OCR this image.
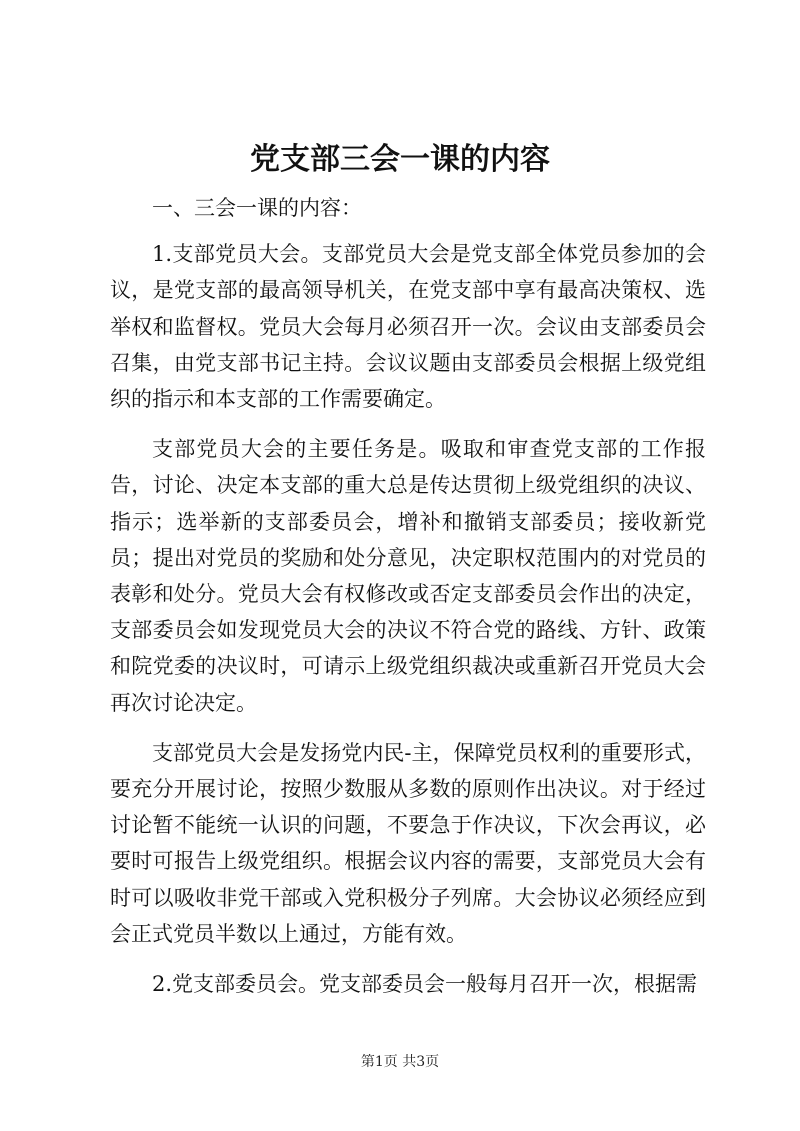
党支部三会一课的内容

一、三会一课的内容：

1.支部党员大会。支部党员大会是党支部全体党员参加的会议，是党支部的最高领导机关，在党支部中享有最高决策权、选举权和监督权。党员大会每月必须召开一次。会议由支部委员会召集，由党支部书记主持。会议议题由支部委员会根据上级党组织的指示和本支部的工作需要确定。

支部党员大会的主要任务是。吸取和审查党支部的工作报告，讨论、决定本支部的重大总是传达贯彻上级党组织的决议、指示；选举新的支部委员会，增补和撤销支部委员；接收新党员；提出对党员的奖励和处分意见，决定职权范围内的对党员的表彰和处分。党员大会有权修改或否定支部委员会作出的决定，支部委员会如发现党员大会的决议不符合党的路线、方针、政策和院党委的决议时，可请示上级党组织裁决或重新召开党员大会再次讨论决定。

支部党员大会是发扬党内民-主，保障党员权利的重要形式，要充分开展讨论，按照少数服从多数的原则作出决议。对于经过讨论暂不能统一认识的问题，不要急于作决议，下次会再议，必要时可报告上级党组织。根据会议内容的需要，支部党员大会有时可以吸收非党干部或入党积极分子列席。大会协议必须经应到会正式党员半数以上通过，方能有效。

2.党支部委员会。党支部委员会一般每月召开一次，根据需

第1页 共3页
